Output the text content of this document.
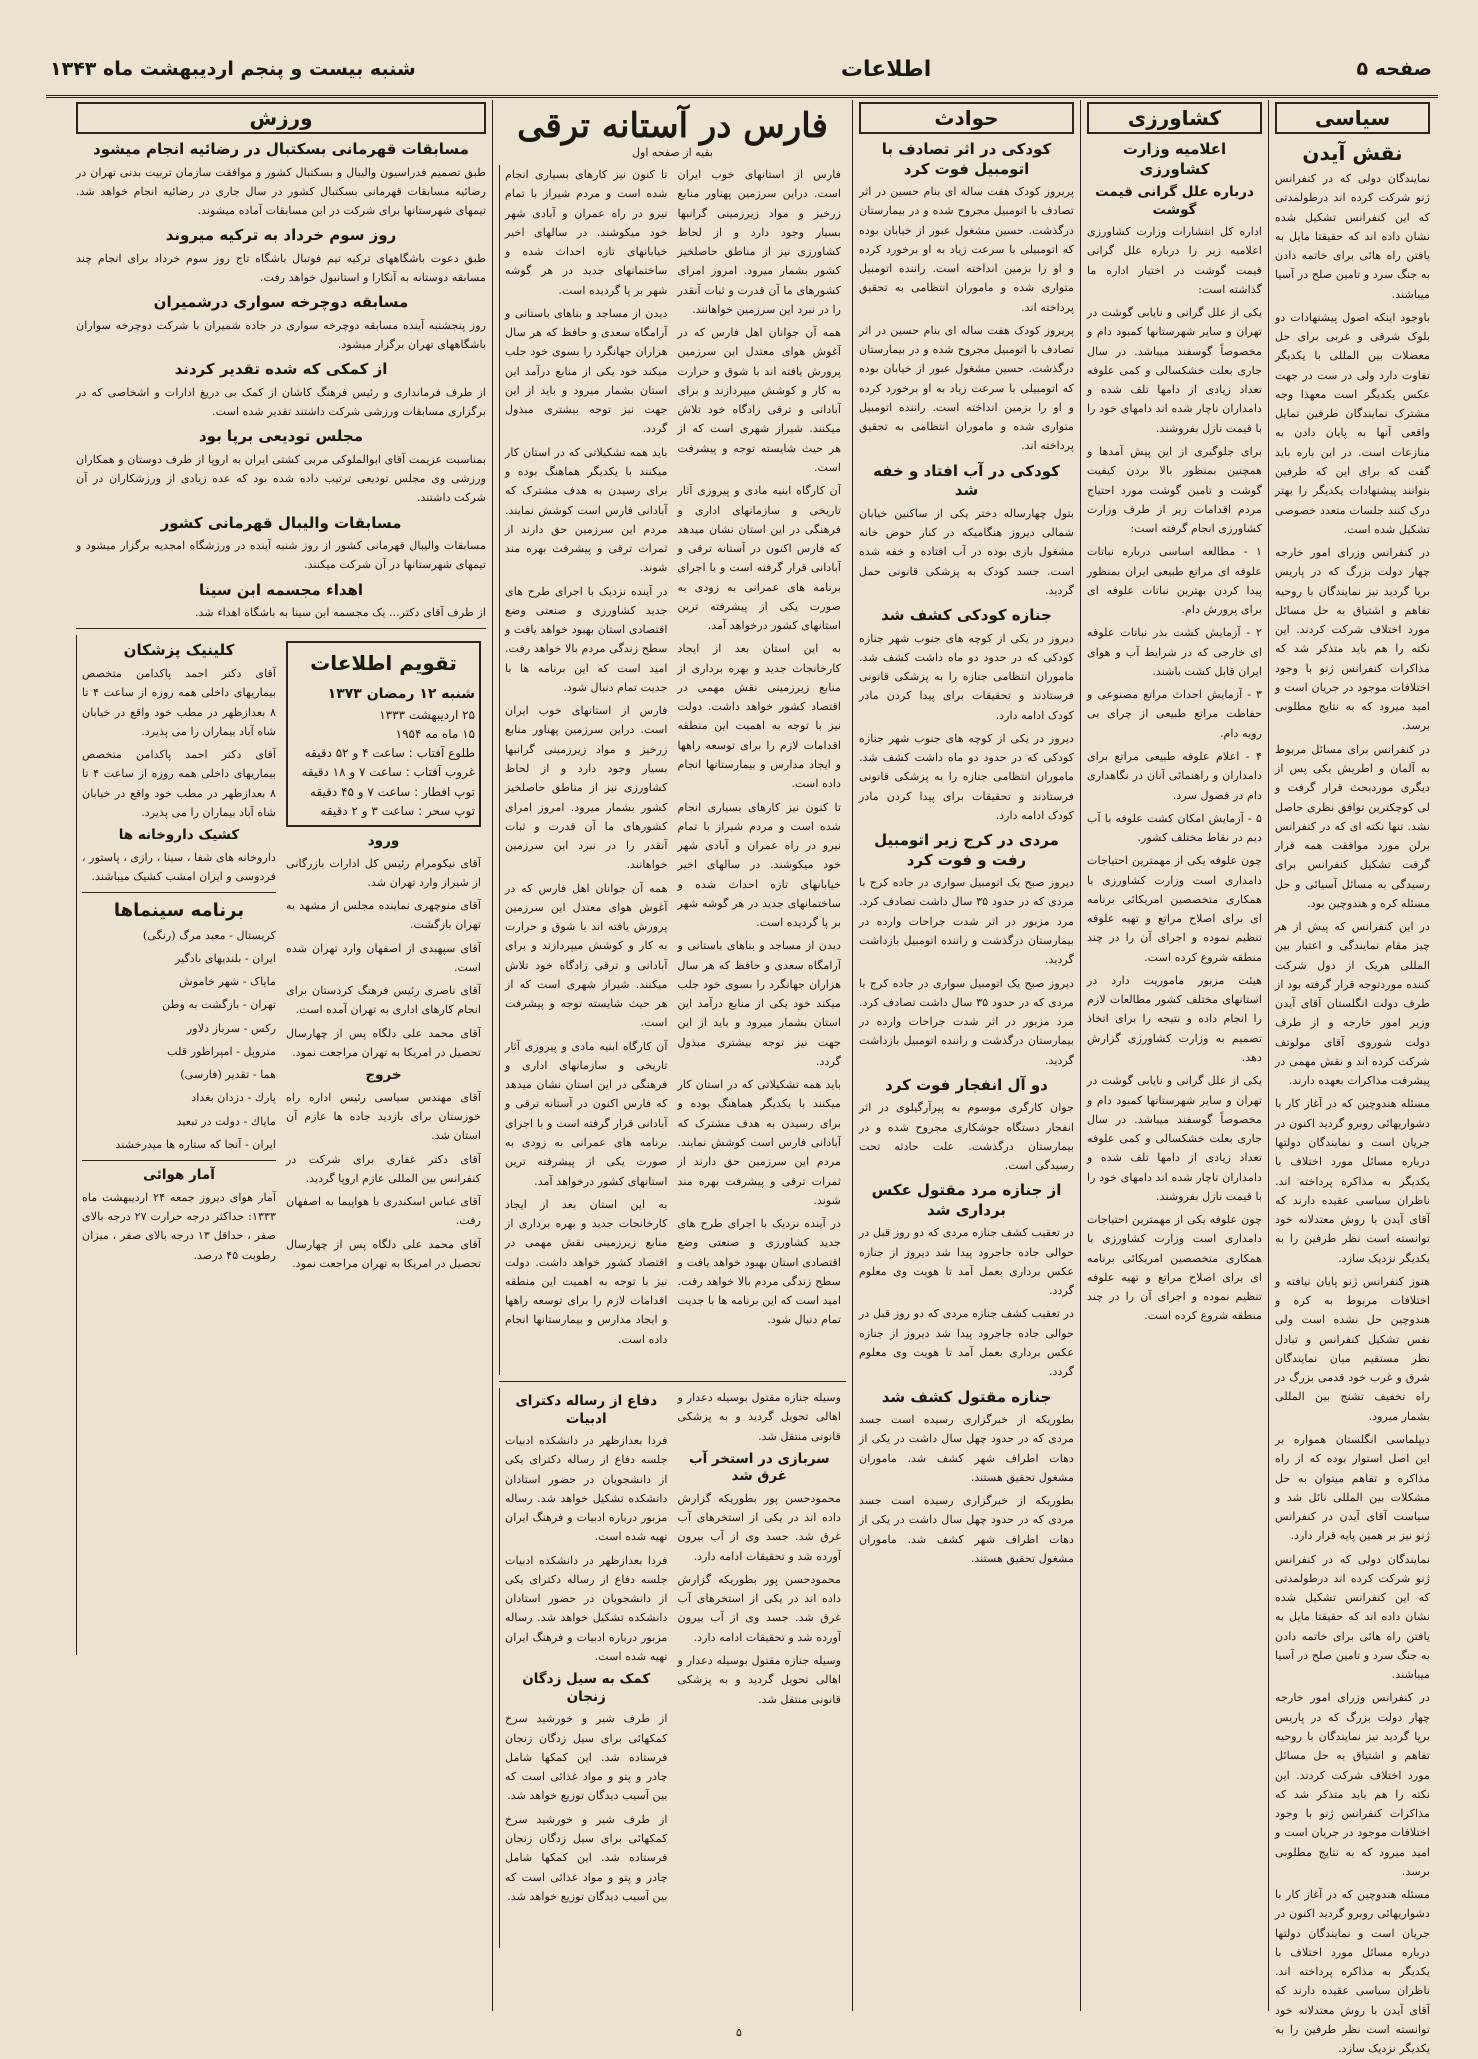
صفحه ۵
اطلاعات
شنبه بیست و پنجم اردیبهشت ماه ۱۳۴۳
سیاسی
نقش آیدن

نمایندگان دولی که در کنفرانس ژنو شرکت کرده اند درطولمدتی که این کنفرانس تشکیل شده نشان داده اند که حقیقتا مایل به یافتن راه هائی برای خاتمه دادن به جنگ سرد و تامین صلح در آسیا میباشند.

باوجود اینکه اصول پیشنهادات دو بلوک شرقی و غربی برای حل معضلات بین المللی با یکدیگر تفاوت دارد ولی در ست در جهت عکس یکدیگر است معهذا وجه مشترک نمایندگان طرفین تمایل واقعی آنها به پایان دادن به منازعات است. در این باره باید گفت که برای این که طرفین بتوانند پیشنهادات یکدیگر را بهتر درک کنند جلسات متعدد خصوصی تشکیل شده است.

در کنفرانس وزرای امور خارجه چهار دولت بزرگ که در پاریس برپا گردید نیز نمایندگان با روحیه تفاهم و اشتیاق به حل مسائل مورد اختلاف شرکت کردند. این نکته را هم باید متذکر شد که مذاکرات کنفرانس ژنو با وجود اختلافات موجود در جریان است و امید میرود که به نتایج مطلوبی برسد.

در کنفرانس برای مسائل مربوط به آلمان و اطریش یکی پس از دیگری موردبحث قرار گرفت و لی کوچکترین توافق نظری حاصل نشد. تنها نکته ای که در کنفرانس برلن مورد موافقت همه قرار گرفت تشکیل کنفرانس برای رسیدگی به مسائل آسیائی و حل مسئله کره و هندوچین بود.

در این کنفرانس که پیش از هر چیز مقام نمایندگی و اعتبار بین المللی هریک از دول شرکت کننده موردتوجه قرار گرفته بود از طرف دولت انگلستان آقای آیدن وزیر امور خارجه و از طرف دولت شوروی آقای مولوتف شرکت کرده اند و نقش مهمی در پیشرفت مذاکرات بعهده دارند.

مسئله هندوچین که در آغاز کار با دشواریهائی روبرو گردید اکنون در جریان است و نمایندگان دولتها درباره مسائل مورد اختلاف با یکدیگر به مذاکره پرداخته اند. ناظران سیاسی عقیده دارند که آقای آیدن با روش معتدلانه خود توانسته است نظر طرفین را به یکدیگر نزدیک سازد.

هنوز کنفرانس ژنو پایان نیافته و اختلافات مربوط به کره و هندوچین حل نشده است ولی نفس تشکیل کنفرانس و تبادل نظر مستقیم میان نمایندگان شرق و غرب خود قدمی بزرگ در راه تخفیف تشنج بین المللی بشمار میرود.

دیپلماسی انگلستان همواره بر این اصل استوار بوده که از راه مذاکره و تفاهم میتوان به حل مشکلات بین المللی نائل شد و سیاست آقای آیدن در کنفرانس ژنو نیز بر همین پایه قرار دارد.

نمایندگان دولی که در کنفرانس ژنو شرکت کرده اند درطولمدتی که این کنفرانس تشکیل شده نشان داده اند که حقیقتا مایل به یافتن راه هائی برای خاتمه دادن به جنگ سرد و تامین صلح در آسیا میباشند.

در کنفرانس وزرای امور خارجه چهار دولت بزرگ که در پاریس برپا گردید نیز نمایندگان با روحیه تفاهم و اشتیاق به حل مسائل مورد اختلاف شرکت کردند. این نکته را هم باید متذکر شد که مذاکرات کنفرانس ژنو با وجود اختلافات موجود در جریان است و امید میرود که به نتایج مطلوبی برسد.

مسئله هندوچین که در آغاز کار با دشواریهائی روبرو گردید اکنون در جریان است و نمایندگان دولتها درباره مسائل مورد اختلاف با یکدیگر به مذاکره پرداخته اند. ناظران سیاسی عقیده دارند که آقای آیدن با روش معتدلانه خود توانسته است نظر طرفین را به یکدیگر نزدیک سازد.

کشاورزی
اعلامیه وزارت کشاورزی
درباره علل گرانی قیمت گوشت

اداره کل انتشارات وزارت کشاورزی اعلامیه زیر را درباره علل گرانی قیمت گوشت در اختیار اداره ما گذاشته است:

یکی از علل گرانی و نایابی گوشت در تهران و سایر شهرستانها کمبود دام و مخصوصاً گوسفند میباشد. در سال جاری بعلت خشکسالی و کمی علوفه تعداد زیادی از دامها تلف شده و دامداران ناچار شده اند دامهای خود را با قیمت نازل بفروشند.

برای جلوگیری از این پیش آمدها و همچنین بمنظور بالا بردن کیفیت گوشت و تامین گوشت مورد احتیاج مردم اقدامات زیر از طرف وزارت کشاورزی انجام گرفته است:

۱ - مطالعه اساسی درباره نباتات علوفه ای مراتع طبیعی ایران بمنظور پیدا کردن بهترین نباتات علوفه ای برای پرورش دام.

۲ - آزمایش کشت بذر نباتات علوفه ای خارجی که در شرایط آب و هوای ایران قابل کشت باشند.

۳ - آزمایش احداث مراتع مصنوعی و حفاظت مراتع طبیعی از چرای بی رویه دام.

۴ - اعلام علوفه طبیعی مراتع برای دامداران و راهنمائی آنان در نگاهداری دام در فصول سرد.

۵ - آزمایش امکان کشت علوفه با آب دیم در نقاط مختلف کشور.

چون علوفه یکی از مهمترین احتیاجات دامداری است وزارت کشاورزی با همکاری متخصصین امریکائی برنامه ای برای اصلاح مراتع و تهیه علوفه تنظیم نموده و اجرای آن را در چند منطقه شروع کرده است.

هیئت مزبور ماموریت دارد در استانهای مختلف کشور مطالعات لازم را انجام داده و نتیجه را برای اتخاذ تصمیم به وزارت کشاورزی گزارش دهد.

یکی از علل گرانی و نایابی گوشت در تهران و سایر شهرستانها کمبود دام و مخصوصاً گوسفند میباشد. در سال جاری بعلت خشکسالی و کمی علوفه تعداد زیادی از دامها تلف شده و دامداران ناچار شده اند دامهای خود را با قیمت نازل بفروشند.

چون علوفه یکی از مهمترین احتیاجات دامداری است وزارت کشاورزی با همکاری متخصصین امریکائی برنامه ای برای اصلاح مراتع و تهیه علوفه تنظیم نموده و اجرای آن را در چند منطقه شروع کرده است.

حوادث
کودکی در اثر تصادف با اتومبیل فوت کرد

پریروز کودک هفت ساله ای بنام حسین در اثر تصادف با اتومبیل مجروح شده و در بیمارستان درگذشت. حسین مشغول عبور از خیابان بوده که اتومبیلی با سرعت زیاد به او برخورد کرده و او را بزمین انداخته است. راننده اتومبیل متواری شده و ماموران انتظامی به تحقیق پرداخته اند.

پریروز کودک هفت ساله ای بنام حسین در اثر تصادف با اتومبیل مجروح شده و در بیمارستان درگذشت. حسین مشغول عبور از خیابان بوده که اتومبیلی با سرعت زیاد به او برخورد کرده و او را بزمین انداخته است. راننده اتومبیل متواری شده و ماموران انتظامی به تحقیق پرداخته اند.

کودکی در آب افتاد و خفه شد

بتول چهارساله دختر یکی از ساکنین خیابان شمالی دیروز هنگامیکه در کنار حوض خانه مشغول بازی بوده در آب افتاده و خفه شده است. جسد کودک به پزشکی قانونی حمل گردید.

جنازه کودکی کشف شد

دیروز در یکی از کوچه های جنوب شهر جنازه کودکی که در حدود دو ماه داشت کشف شد. ماموران انتظامی جنازه را به پزشکی قانونی فرستادند و تحقیقات برای پیدا کردن مادر کودک ادامه دارد.

دیروز در یکی از کوچه های جنوب شهر جنازه کودکی که در حدود دو ماه داشت کشف شد. ماموران انتظامی جنازه را به پزشکی قانونی فرستادند و تحقیقات برای پیدا کردن مادر کودک ادامه دارد.

مردی در کرج زیر اتومبیل رفت و فوت کرد

دیروز صبح یک اتومبیل سواری در جاده کرج با مردی که در حدود ۳۵ سال داشت تصادف کرد. مرد مزبور در اثر شدت جراحات وارده در بیمارستان درگذشت و راننده اتومبیل بازداشت گردید.

دیروز صبح یک اتومبیل سواری در جاده کرج با مردی که در حدود ۳۵ سال داشت تصادف کرد. مرد مزبور در اثر شدت جراحات وارده در بیمارستان درگذشت و راننده اتومبیل بازداشت گردید.

دو آل انفجار فوت کرد

جوان کارگری موسوم به پیرآرگیلوی در اثر انفجار دستگاه جوشکاری مجروح شده و در بیمارستان درگذشت. علت حادثه تحت رسیدگی است.

از جنازه مرد مقتول عکس برداری شد

در تعقیب کشف جنازه مردی که دو روز قبل در حوالی جاده جاجرود پیدا شد دیروز از جنازه عکس برداری بعمل آمد تا هویت وی معلوم گردد.

در تعقیب کشف جنازه مردی که دو روز قبل در حوالی جاده جاجرود پیدا شد دیروز از جنازه عکس برداری بعمل آمد تا هویت وی معلوم گردد.

جنازه مقتول کشف شد

بطوریکه از خبرگزاری رسیده است جسد مردی که در حدود چهل سال داشت در یکی از دهات اطراف شهر کشف شد. ماموران مشغول تحقیق هستند.

بطوریکه از خبرگزاری رسیده است جسد مردی که در حدود چهل سال داشت در یکی از دهات اطراف شهر کشف شد. ماموران مشغول تحقیق هستند.

فارس در آستانه ترقی
بقیه از صفحه اول

فارس از استانهای خوب ایران است. دراین سرزمین پهناور منابع زرخیز و مواد زیرزمینی گرانبها بسیار وجود دارد و از لحاظ کشاورزی نیز از مناطق حاصلخیز کشور بشمار میرود. امروز امرای کشورهای ما آن قدرت و ثبات آنقدر را در نبرد این سرزمین خواهانند.

همه آن جوانان اهل فارس که در آغوش هوای معتدل این سرزمین پرورش یافته اند با شوق و حرارت به کار و کوشش میپردازند و برای آبادانی و ترقی زادگاه خود تلاش میکنند. شیراز شهری است که از هر حیث شایسته توجه و پیشرفت است.

آن کارگاه ابنیه مادی و پیروزی آثار تاریخی و سازمانهای اداری و فرهنگی در این استان نشان میدهد که فارس اکنون در آستانه ترقی و آبادانی قرار گرفته است و با اجرای برنامه های عمرانی به زودی به صورت یکی از پیشرفته ترین استانهای کشور درخواهد آمد.

به این استان بعد از ایجاد کارخانجات جدید و بهره برداری از منابع زیرزمینی نقش مهمی در اقتصاد کشور خواهد داشت. دولت نیز با توجه به اهمیت این منطقه اقدامات لازم را برای توسعه راهها و ایجاد مدارس و بیمارستانها انجام داده است.

تا کنون نیز کارهای بسیاری انجام شده است و مردم شیراز با تمام نیرو در راه عمران و آبادی شهر خود میکوشند. در سالهای اخیر خیابانهای تازه احداث شده و ساختمانهای جدید در هر گوشه شهر بر پا گردیده است.

دیدن از مساجد و بناهای باستانی و آرامگاه سعدی و حافظ که هر سال هزاران جهانگرد را بسوی خود جلب میکند خود یکی از منابع درآمد این استان بشمار میرود و باید از این جهت نیز توجه بیشتری مبذول گردد.

باید همه تشکیلاتی که در استان کار میکنند با یکدیگر هماهنگ بوده و برای رسیدن به هدف مشترک که آبادانی فارس است کوشش نمایند. مردم این سرزمین حق دارند از ثمرات ترقی و پیشرفت بهره مند شوند.

در آینده نزدیک با اجرای طرح های جدید کشاورزی و صنعتی وضع اقتصادی استان بهبود خواهد یافت و سطح زندگی مردم بالا خواهد رفت. امید است که این برنامه ها با جدیت تمام دنبال شود.

تا کنون نیز کارهای بسیاری انجام شده است و مردم شیراز با تمام نیرو در راه عمران و آبادی شهر خود میکوشند. در سالهای اخیر خیابانهای تازه احداث شده و ساختمانهای جدید در هر گوشه شهر بر پا گردیده است.

دیدن از مساجد و بناهای باستانی و آرامگاه سعدی و حافظ که هر سال هزاران جهانگرد را بسوی خود جلب میکند خود یکی از منابع درآمد این استان بشمار میرود و باید از این جهت نیز توجه بیشتری مبذول گردد.

باید همه تشکیلاتی که در استان کار میکنند با یکدیگر هماهنگ بوده و برای رسیدن به هدف مشترک که آبادانی فارس است کوشش نمایند. مردم این سرزمین حق دارند از ثمرات ترقی و پیشرفت بهره مند شوند.

در آینده نزدیک با اجرای طرح های جدید کشاورزی و صنعتی وضع اقتصادی استان بهبود خواهد یافت و سطح زندگی مردم بالا خواهد رفت. امید است که این برنامه ها با جدیت تمام دنبال شود.

فارس از استانهای خوب ایران است. دراین سرزمین پهناور منابع زرخیز و مواد زیرزمینی گرانبها بسیار وجود دارد و از لحاظ کشاورزی نیز از مناطق حاصلخیز کشور بشمار میرود. امروز امرای کشورهای ما آن قدرت و ثبات آنقدر را در نبرد این سرزمین خواهانند.

همه آن جوانان اهل فارس که در آغوش هوای معتدل این سرزمین پرورش یافته اند با شوق و حرارت به کار و کوشش میپردازند و برای آبادانی و ترقی زادگاه خود تلاش میکنند. شیراز شهری است که از هر حیث شایسته توجه و پیشرفت است.

آن کارگاه ابنیه مادی و پیروزی آثار تاریخی و سازمانهای اداری و فرهنگی در این استان نشان میدهد که فارس اکنون در آستانه ترقی و آبادانی قرار گرفته است و با اجرای برنامه های عمرانی به زودی به صورت یکی از پیشرفته ترین استانهای کشور درخواهد آمد.

به این استان بعد از ایجاد کارخانجات جدید و بهره برداری از منابع زیرزمینی نقش مهمی در اقتصاد کشور خواهد داشت. دولت نیز با توجه به اهمیت این منطقه اقدامات لازم را برای توسعه راهها و ایجاد مدارس و بیمارستانها انجام داده است.

وسیله جنازه مقتول بوسیله دعدار و اهالی تحویل گردید و به پزشکی قانونی منتقل شد.

سربازی در استخر آب غرق شد

محمودحسن پور بطوریکه گزارش داده اند در یکی از استخرهای آب غرق شد. جسد وی از آب بیرون آورده شد و تحقیقات ادامه دارد.

محمودحسن پور بطوریکه گزارش داده اند در یکی از استخرهای آب غرق شد. جسد وی از آب بیرون آورده شد و تحقیقات ادامه دارد.

وسیله جنازه مقتول بوسیله دعدار و اهالی تحویل گردید و به پزشکی قانونی منتقل شد.

دفاع از رساله دکترای ادبیات

فردا بعدازظهر در دانشکده ادبیات جلسه دفاع از رساله دکترای یکی از دانشجویان در حضور استادان دانشکده تشکیل خواهد شد. رساله مزبور درباره ادبیات و فرهنگ ایران تهیه شده است.

فردا بعدازظهر در دانشکده ادبیات جلسه دفاع از رساله دکترای یکی از دانشجویان در حضور استادان دانشکده تشکیل خواهد شد. رساله مزبور درباره ادبیات و فرهنگ ایران تهیه شده است.

کمک به سیل زدگان زنجان

از طرف شیر و خورشید سرخ کمکهائی برای سیل زدگان زنجان فرستاده شد. این کمکها شامل چادر و پتو و مواد غذائی است که بین آسیب دیدگان توزیع خواهد شد.

از طرف شیر و خورشید سرخ کمکهائی برای سیل زدگان زنجان فرستاده شد. این کمکها شامل چادر و پتو و مواد غذائی است که بین آسیب دیدگان توزیع خواهد شد.

ورزش
مسابقات قهرمانی بسکتبال در رضائیه انجام میشود

طبق تصمیم فدراسیون والیبال و بسکتبال کشور و موافقت سازمان تربیت بدنی تهران در رضائیه مسابقات قهرمانی بسکتبال کشور در سال جاری در رضائیه انجام خواهد شد. تیمهای شهرستانها برای شرکت در این مسابقات آماده میشوند.

روز سوم خرداد به ترکیه میروند

طبق دعوت باشگاههای ترکیه تیم فوتبال باشگاه تاج روز سوم خرداد برای انجام چند مسابقه دوستانه به آنکارا و استانبول خواهد رفت.

مسابقه دوچرخه سواری درشمیران

روز پنجشنبه آینده مسابقه دوچرخه سواری در جاده شمیران با شرکت دوچرخه سواران باشگاههای تهران برگزار میشود.

از کمکی که شده تقدیر کردند

از طرف فرمانداری و رئیس فرهنگ کاشان از کمک بی دریغ ادارات و اشخاصی که در برگزاری مسابقات ورزشی شرکت داشتند تقدیر شده است.

مجلس تودیعی برپا بود

بمناسبت عزیمت آقای ابوالملوکی مربی کشتی ایران به اروپا از طرف دوستان و همکاران ورزشی وی مجلس تودیعی ترتیب داده شده بود که عده زیادی از ورزشکاران در آن شرکت داشتند.

مسابقات والیبال قهرمانی کشور

مسابقات والیبال قهرمانی کشور از روز شنبه آینده در ورزشگاه امجدیه برگزار میشود و تیمهای شهرستانها در آن شرکت میکنند.

اهداء مجسمه ابن سینا

از طرف آقای دکتر... یک مجسمه ابن سینا به باشگاه اهداء شد.

تقویم اطلاعات
شنبه ۱۲ رمضان ۱۳۷۳
۲۵ اردیبهشت ۱۳۳۳
۱۵ ماه مه ۱۹۵۴
طلوع آفتاب : ساعت ۴ و ۵۲ دقیقه
غروب آفتاب : ساعت ۷ و ۱۸ دقیقه
توپ افطار : ساعت ۷ و ۴۵ دقیقه
توپ سحر : ساعت ۳ و ۲ دقیقه
ورود

آقای نیکومرام رئیس کل ادارات بازرگانی از شیراز وارد تهران شد.

آقای منوچهری نماینده مجلس از مشهد به تهران بازگشت.

آقای سپهبدی از اصفهان وارد تهران شده است.

آقای ناصری رئیس فرهنگ کردستان برای انجام کارهای اداری به تهران آمده است.

آقای محمد علی دلگاه پس از چهارسال تحصیل در امریکا به تهران مراجعت نمود.

خروج

آقای مهندس سیاسی رئیس اداره راه خوزستان برای بازدید جاده ها عازم آن استان شد.

آقای دکتر غفاری برای شرکت در کنفرانس بین المللی عازم اروپا گردید.

آقای عباس اسکندری با هواپیما به اصفهان رفت.

آقای محمد علی دلگاه پس از چهارسال تحصیل در امریکا به تهران مراجعت نمود.

کلینیک پزشکان

آقای دکتر احمد پاکدامن متخصص بیماریهای داخلی همه روزه از ساعت ۴ تا ۸ بعدازظهر در مطب خود واقع در خیابان شاه آباد بیماران را می پذیرد.

آقای دکتر احمد پاکدامن متخصص بیماریهای داخلی همه روزه از ساعت ۴ تا ۸ بعدازظهر در مطب خود واقع در خیابان شاه آباد بیماران را می پذیرد.

کشیک داروخانه ها

داروخانه های شفا ، سینا ، رازی ، پاستور ، فردوسی و ایران امشب کشیک میباشند.

برنامه سینماها

کریستال - معبد مرگ (رنگی)

ایران - بلندیهای بادگیر

مایاک - شهر خاموش

تهران - بازگشت به وطن

ركس - سرباز دلاور

متروپل - امپراطور قلب

هما - تقدیر (فارسی)

پارك - دزدان بغداد

مایاك - دولت در تبعید

ايران - آنجا که ستاره ها میدرخشند

آمار هوائی

آمار هوای دیروز جمعه ۲۴ اردیبهشت ماه ۱۳۳۳: حداکثر درجه حرارت ۲۷ درجه بالای صفر ، حداقل ۱۳ درجه بالای صفر ، میزان رطوبت ۴۵ درصد.

۵
